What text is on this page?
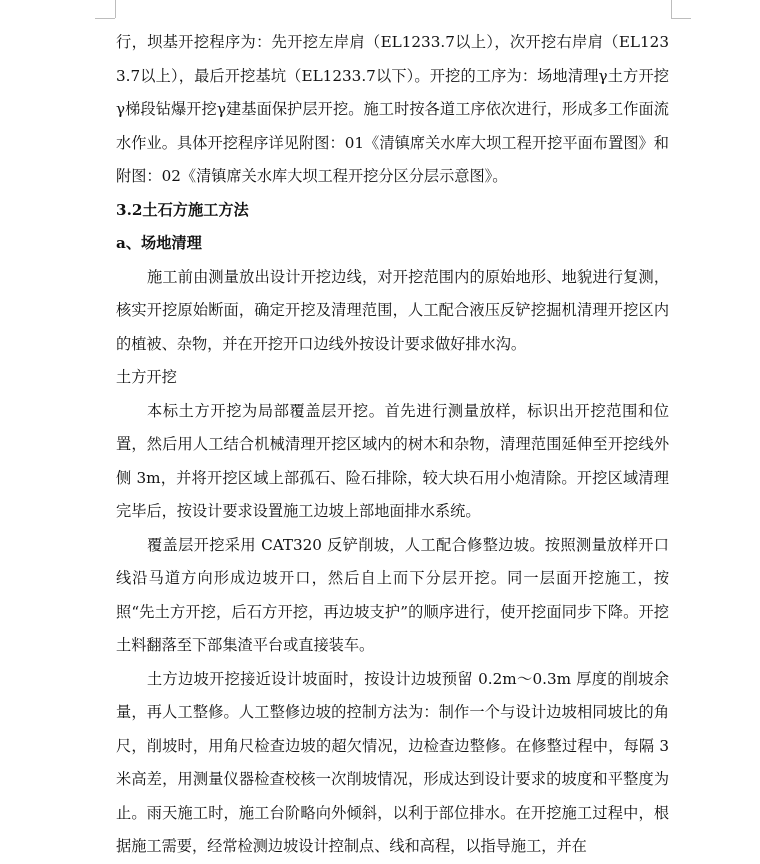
行，坝基开挖程序为：先开挖左岸肩（EL1233.7以上），次开挖右岸肩（EL1233.7以上），最后开挖基坑（EL1233.7以下）。开挖的工序为：场地清理γ土方开挖γ梯段钻爆开挖γ建基面保护层开挖。施工时按各道工序依次进行，形成多工作面流水作业。具体开挖程序详见附图：01《清镇席关水库大坝工程开挖平面布置图》和附图：02《清镇席关水库大坝工程开挖分区分层示意图》。

3.2土石方施工方法

a、场地清理

施工前由测量放出设计开挖边线，对开挖范围内的原始地形、地貌进行复测，核实开挖原始断面，确定开挖及清理范围，人工配合液压反铲挖掘机清理开挖区内的植被、杂物，并在开挖开口边线外按设计要求做好排水沟。

土方开挖

本标土方开挖为局部覆盖层开挖。首先进行测量放样，标识出开挖范围和位置，然后用人工结合机械清理开挖区域内的树木和杂物，清理范围延伸至开挖线外侧 3m，并将开挖区域上部孤石、险石排除，较大块石用小炮清除。开挖区域清理完毕后，按设计要求设置施工边坡上部地面排水系统。

覆盖层开挖采用 CAT320 反铲削坡，人工配合修整边坡。按照测量放样开口线沿马道方向形成边坡开口，然后自上而下分层开挖。同一层面开挖施工，按照“先土方开挖，后石方开挖，再边坡支护”的顺序进行，使开挖面同步下降。开挖土料翻落至下部集渣平台或直接装车。

土方边坡开挖接近设计坡面时，按设计边坡预留 0.2m～0.3m 厚度的削坡余量，再人工整修。人工整修边坡的控制方法为：制作一个与设计边坡相同坡比的角尺，削坡时，用角尺检查边坡的超欠情况，边检查边整修。在修整过程中，每隔 3 米高差，用测量仪器检查校核一次削坡情况，形成达到设计要求的坡度和平整度为止。雨天施工时，施工台阶略向外倾斜，以利于部位排水。在开挖施工过程中，根据施工需要，经常检测边坡设计控制点、线和高程，以指导施工，并在
